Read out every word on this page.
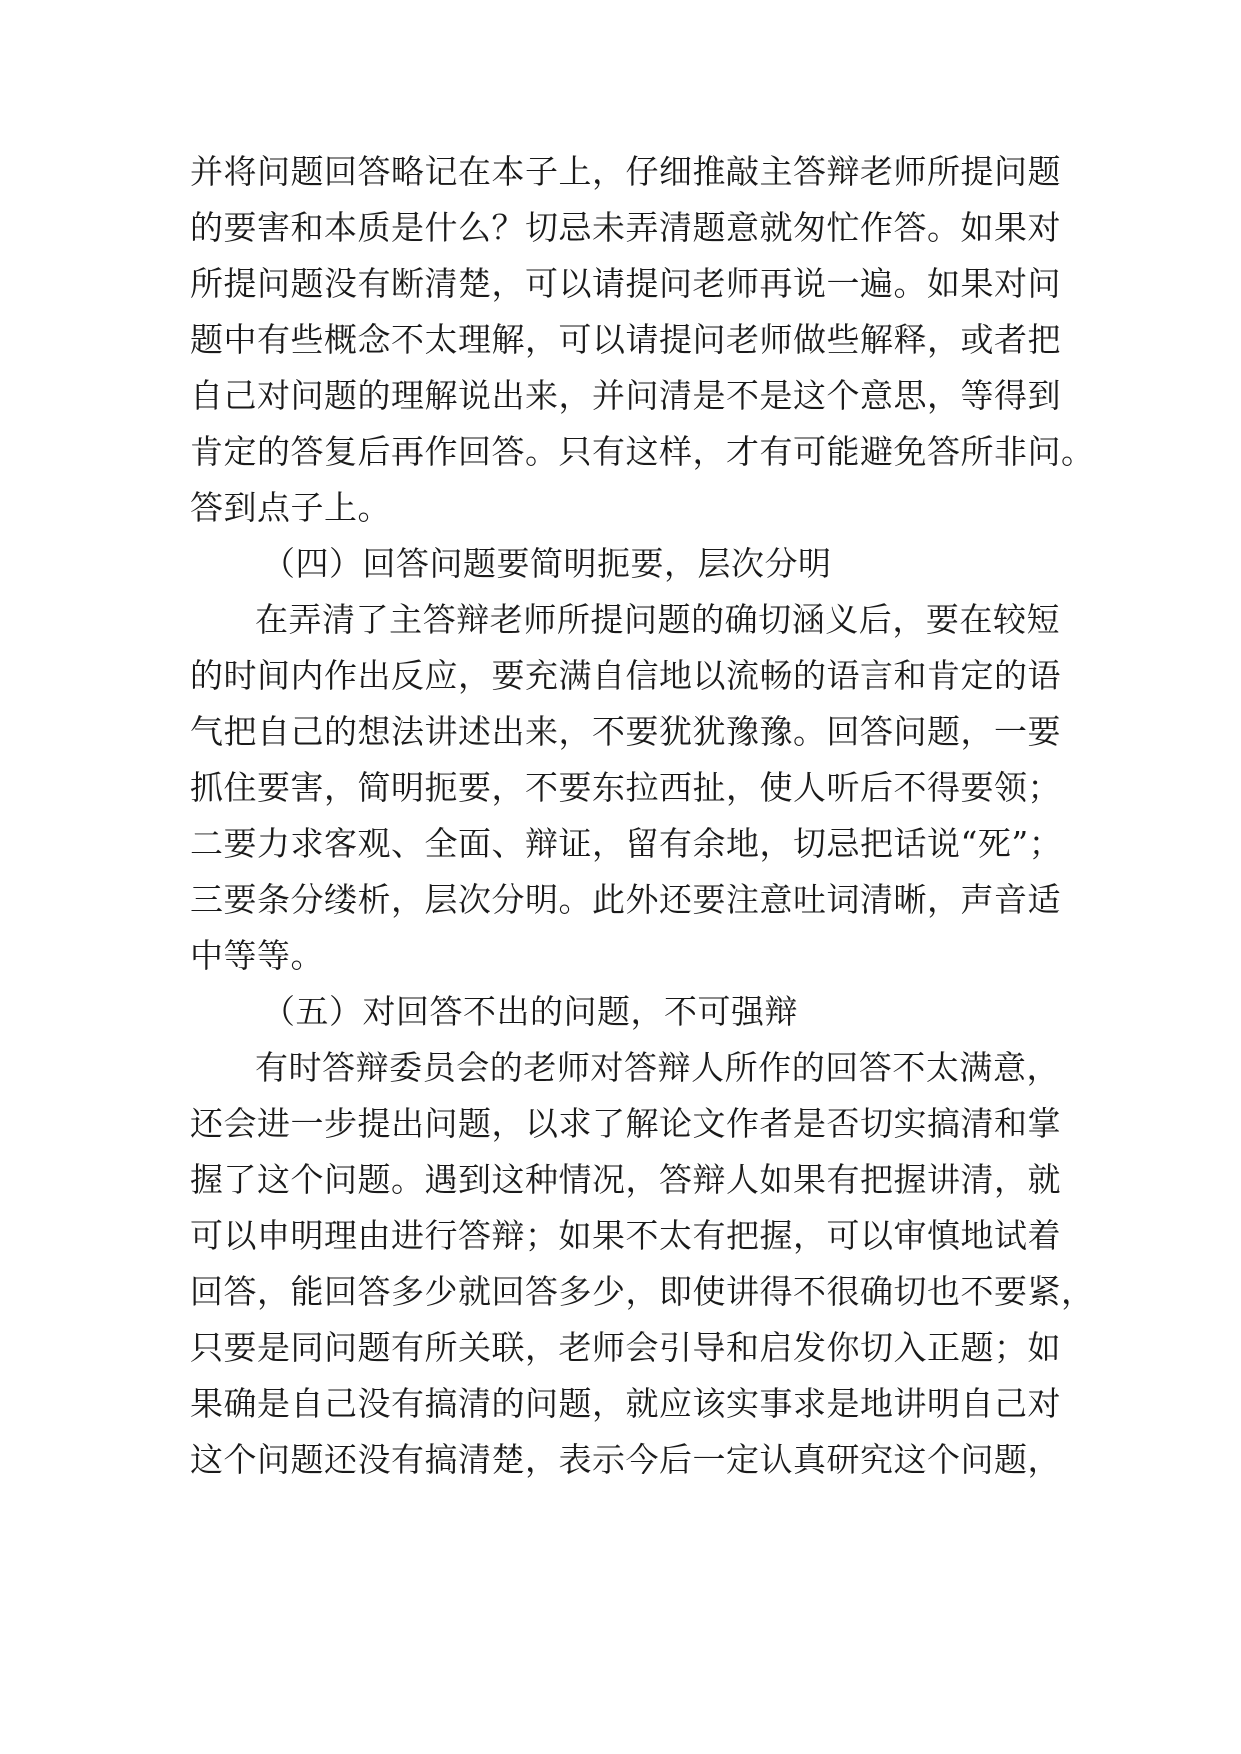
并将问题回答略记在本子上，仔细推敲主答辩老师所提问题
的要害和本质是什么？切忌未弄清题意就匆忙作答。如果对
所提问题没有断清楚，可以请提问老师再说一遍。如果对问
题中有些概念不太理解，可以请提问老师做些解释，或者把
自己对问题的理解说出来，并问清是不是这个意思，等得到
肯定的答复后再作回答。只有这样，才有可能避免答所非问。
答到点子上。
（四）回答问题要简明扼要，层次分明
在弄清了主答辩老师所提问题的确切涵义后，要在较短
的时间内作出反应，要充满自信地以流畅的语言和肯定的语
气把自己的想法讲述出来，不要犹犹豫豫。回答问题，一要
抓住要害，简明扼要，不要东拉西扯，使人听后不得要领；
二要力求客观、全面、辩证，留有余地，切忌把话说“死”；
三要条分缕析，层次分明。此外还要注意吐词清晰，声音适
中等等。
（五）对回答不出的问题，不可强辩
有时答辩委员会的老师对答辩人所作的回答不太满意，
还会进一步提出问题，以求了解论文作者是否切实搞清和掌
握了这个问题。遇到这种情况，答辩人如果有把握讲清，就
可以申明理由进行答辩；如果不太有把握，可以审慎地试着
回答，能回答多少就回答多少，即使讲得不很确切也不要紧，
只要是同问题有所关联，老师会引导和启发你切入正题；如
果确是自己没有搞清的问题，就应该实事求是地讲明自己对
这个问题还没有搞清楚，表示今后一定认真研究这个问题，
